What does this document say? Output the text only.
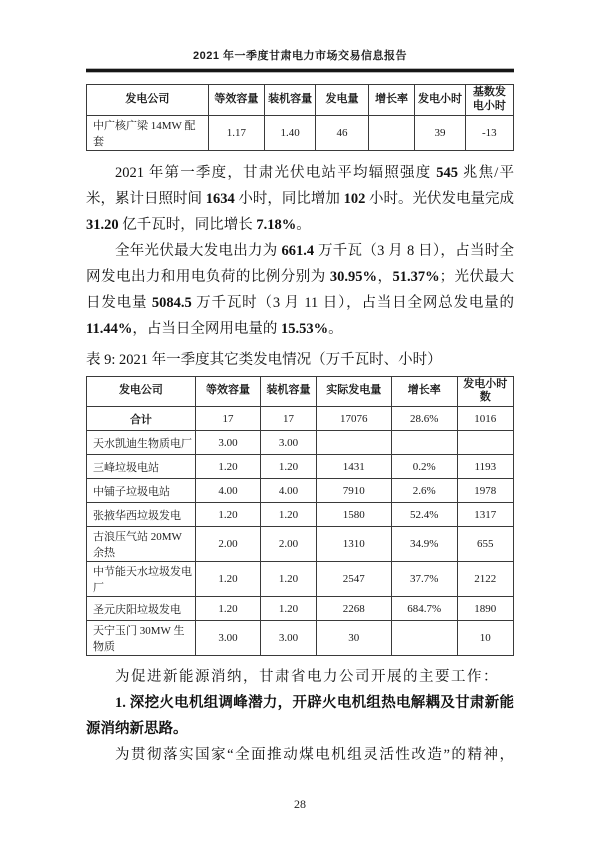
2021 年一季度甘肃电力市场交易信息报告
发电公司	等效容量	装机容量	发电量	增长率	发电小时	基数发电小时
中广核广梁 14MW 配套	1.17	1.40	46		39	-13

2021 年第一季度，甘肃光伏电站平均辐照强度 545 兆焦/平米，累计日照时间 1634 小时，同比增加 102 小时。光伏发电量完成 31.20 亿千瓦时，同比增长 7.18%。

全年光伏最大发电出力为 661.4 万千瓦（3 月 8 日），占当时全网发电出力和用电负荷的比例分别为 30.95%，51.37%；光伏最大日发电量 5084.5 万千瓦时（3 月 11 日），占当日全网总发电量的 11.44%，占当日全网用电量的 15.53%。

表 9: 2021 年一季度其它类发电情况（万千瓦时、小时）
发电公司	等效容量	装机容量	实际发电量	增长率	发电小时数
合计	17	17	17076	28.6%	1016
天水凯迪生物质电厂	3.00	3.00			
三峰垃圾电站	1.20	1.20	1431	0.2%	1193
中铺子垃圾电站	4.00	4.00	7910	2.6%	1978
张掖华西垃圾发电	1.20	1.20	1580	52.4%	1317
古浪压气站 20MW 余热	2.00	2.00	1310	34.9%	655
中节能天水垃圾发电厂	1.20	1.20	2547	37.7%	2122
圣元庆阳垃圾发电	1.20	1.20	2268	684.7%	1890
天宁玉门 30MW 生物质	3.00	3.00	30		10

为促进新能源消纳，甘肃省电力公司开展的主要工作：

1. 深挖火电机组调峰潜力，开辟火电机组热电解耦及甘肃新能源消纳新思路。

为贯彻落实国家“全面推动煤电机组灵活性改造”的精神，

28
